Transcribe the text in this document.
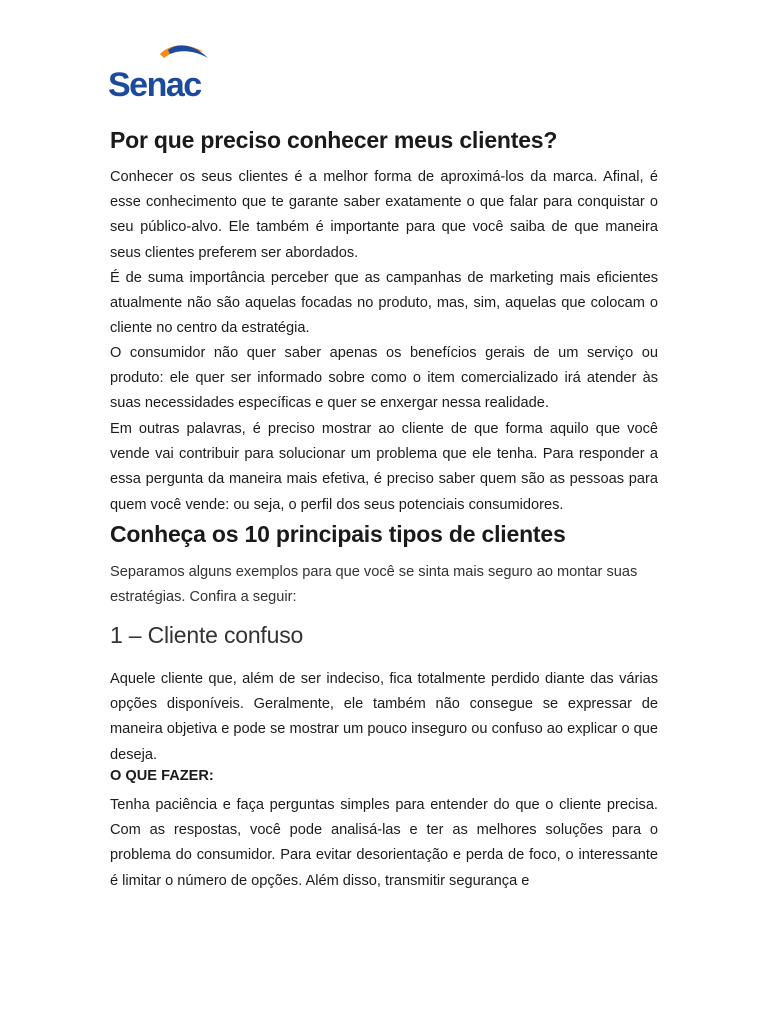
Senac
Por que preciso conhecer meus clientes?

Conhecer os seus clientes é a melhor forma de aproximá-los da marca. Afinal, é esse conhecimento que te garante saber exatamente o que falar para conquistar o seu público-alvo. Ele também é importante para que você saiba de que maneira seus clientes preferem ser abordados.

É de suma importância perceber que as campanhas de marketing mais eficientes atualmente não são aquelas focadas no produto, mas, sim, aquelas que colocam o cliente no centro da estratégia.

O consumidor não quer saber apenas os benefícios gerais de um serviço ou produto: ele quer ser informado sobre como o item comercializado irá atender às suas necessidades específicas e quer se enxergar nessa realidade.

Em outras palavras, é preciso mostrar ao cliente de que forma aquilo que você vende vai contribuir para solucionar um problema que ele tenha. Para responder a essa pergunta da maneira mais efetiva, é preciso saber quem são as pessoas para quem você vende: ou seja, o perfil dos seus potenciais consumidores.

Conheça os 10 principais tipos de clientes

Separamos alguns exemplos para que você se sinta mais seguro ao montar suas estratégias. Confira a seguir:

1 – Cliente confuso

Aquele cliente que, além de ser indeciso, fica totalmente perdido diante das várias opções disponíveis. Geralmente, ele também não consegue se expressar de maneira objetiva e pode se mostrar um pouco inseguro ou confuso ao explicar o que deseja.

O QUE FAZER:

Tenha paciência e faça perguntas simples para entender do que o cliente precisa. Com as respostas, você pode analisá-las e ter as melhores soluções para o problema do consumidor. Para evitar desorientação e perda de foco, o interessante é limitar o número de opções. Além disso, transmitir segurança e
